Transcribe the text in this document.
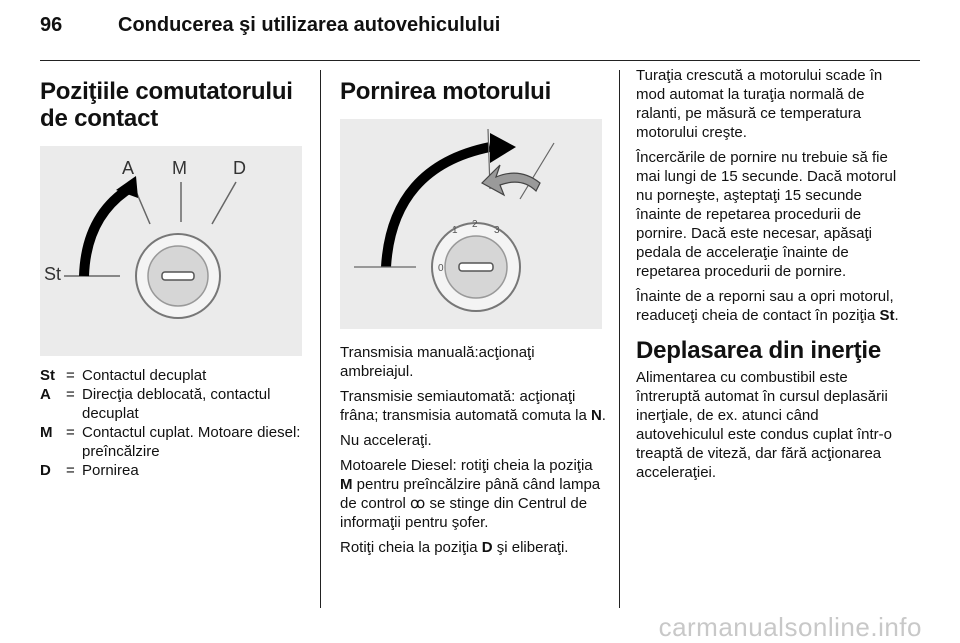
96	Conducerea şi utilizarea autovehiculului
Poziţiile comutatorului de contact
A M	D
St
St = Contactul decuplat
A	= Direcţia deblocată, contactul decuplat
M = Contactul cuplat. Motoare diesel: preîncălzire
D	= Pornirea
Pornirea motorului
1
2
3
0

Transmisia manuală:acţionaţi ambreiajul.

Transmisie semiautomată: acţionaţi frâna; transmisia automată comuta la N.

Nu acceleraţi.

Motoarele Diesel: rotiţi cheia la poziţia M pentru preîncălzire până când lampa de control ꝏ se stinge din Centrul de informaţii pentru şofer.

Rotiţi cheia la poziţia D şi eliberaţi.

Turaţia crescută a motorului scade în mod automat la turaţia normală de ralanti, pe măsură ce temperatura motorului creşte.

Încercările de pornire nu trebuie să fie mai lungi de 15 secunde. Dacă motorul nu porneşte, aşteptaţi 15 secunde înainte de repetarea procedurii de pornire. Dacă este necesar, apăsaţi pedala de acceleraţie înainte de repetarea procedurii de pornire.

Înainte de a reporni sau a opri motorul, readuceţi cheia de contact în poziţia St.

Deplasarea din inerţie

Alimentarea cu combustibil este întreruptă automat în cursul deplasării inerţiale, de ex. atunci când autovehiculul este condus cuplat într-o treaptă de viteză, dar fără acţionarea acceleraţiei.

carmanualsonline.info
